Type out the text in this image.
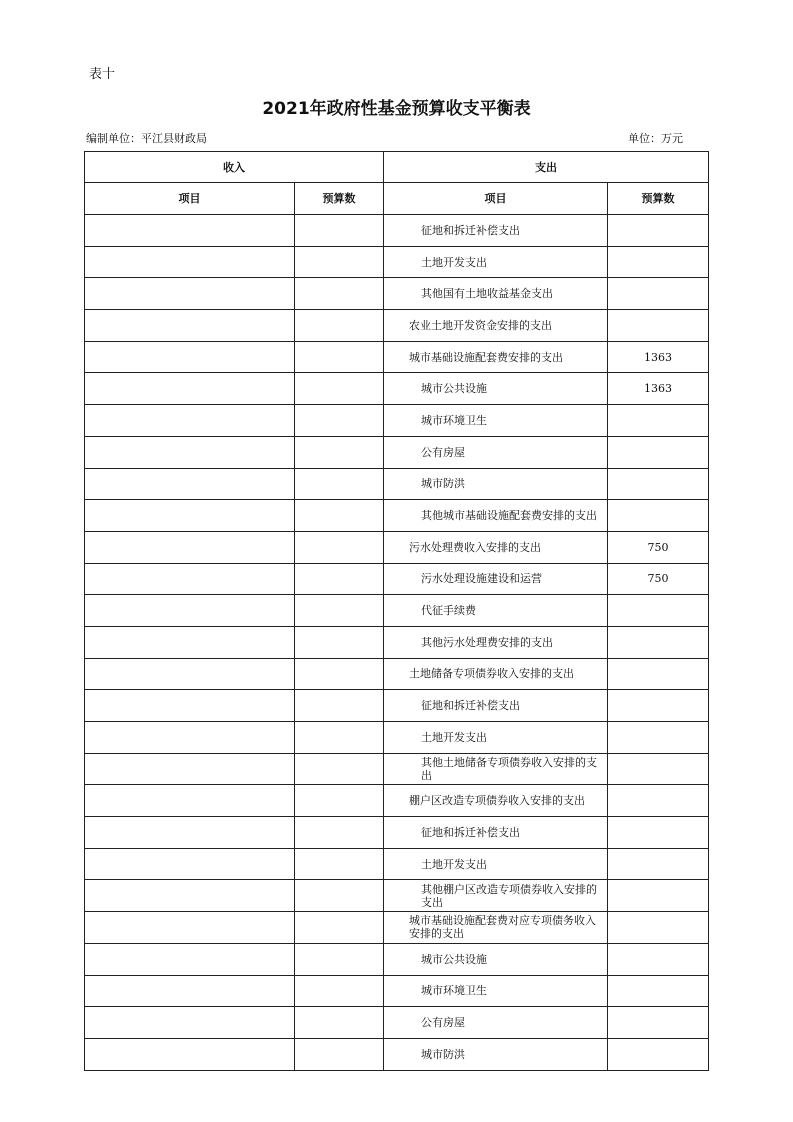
表十
2021年政府性基金预算收支平衡表
编制单位：平江县财政局	单位：万元
收入		支出	
项目	预算数	项目	预算数
		征地和拆迁补偿支出	
		土地开发支出	
		其他国有土地收益基金支出	
		农业土地开发资金安排的支出	
		城市基础设施配套费安排的支出	1363
		城市公共设施	1363
		城市环境卫生	
		公有房屋	
		城市防洪	
		其他城市基础设施配套费安排的支出	
		污水处理费收入安排的支出	750
		污水处理设施建设和运营	750
		代征手续费	
		其他污水处理费安排的支出	
		土地储备专项债券收入安排的支出	
		征地和拆迁补偿支出	
		土地开发支出	
		其他土地储备专项债券收入安排的支出	
		棚户区改造专项债券收入安排的支出	
		征地和拆迁补偿支出	
		土地开发支出	
		其他棚户区改造专项债券收入安排的支出	
		城市基础设施配套费对应专项债务收入安排的支出	
		城市公共设施	
		城市环境卫生	
		公有房屋	
		城市防洪	
